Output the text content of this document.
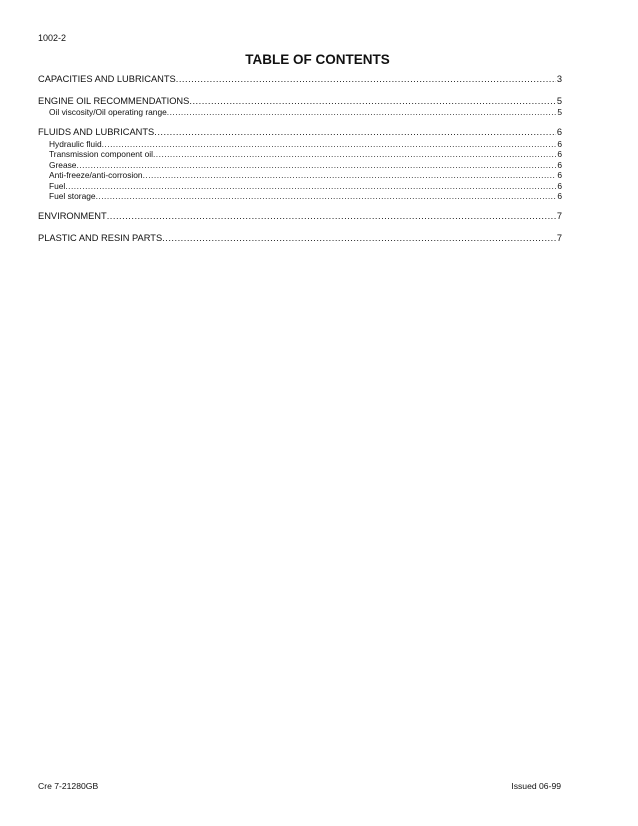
1002-2
TABLE OF CONTENTS
CAPACITIES AND LUBRICANTS .....	3
ENGINE OIL RECOMMENDATIONS .....	5
Oil viscosity/Oil operating range .....	5
FLUIDS AND LUBRICANTS .....	6
Hydraulic fluid .....	6
Transmission component oil .....	6
Grease .....	6
Anti-freeze/anti-corrosion .....	6
Fuel .....	6
Fuel storage .....	6
ENVIRONMENT .....	7
PLASTIC AND RESIN PARTS .....	7
Cre 7-21280GB	Issued 06-99
